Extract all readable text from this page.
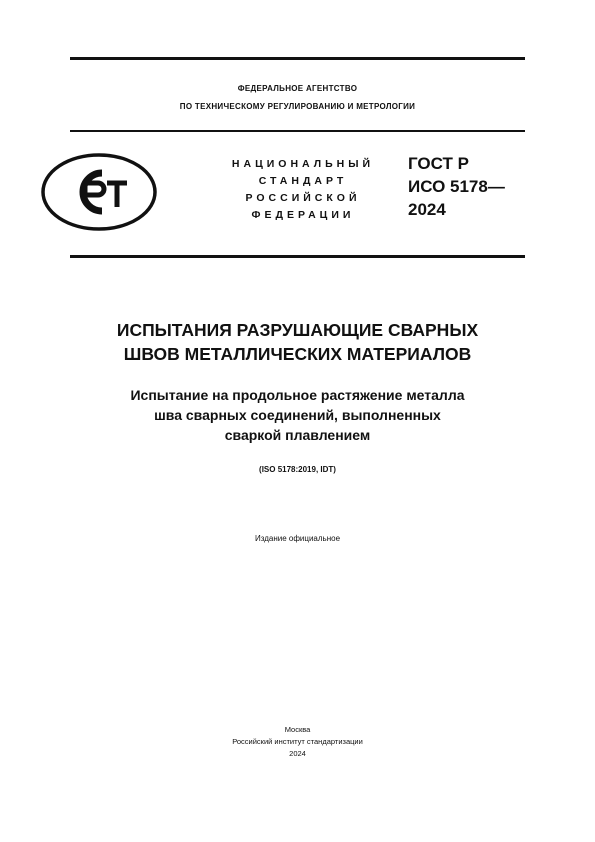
ФЕДЕРАЛЬНОЕ АГЕНТСТВО
ПО ТЕХНИЧЕСКОМУ РЕГУЛИРОВАНИЮ И МЕТРОЛОГИИ
НАЦИОНАЛЬНЫЙ
СТАНДАРТ
РОССИЙСКОЙ
ФЕДЕРАЦИИ
ГОСТ Р
ИСО 5178—
2024
ИСПЫТАНИЯ РАЗРУШАЮЩИЕ СВАРНЫХ
ШВОВ МЕТАЛЛИЧЕСКИХ МАТЕРИАЛОВ
Испытание на продольное растяжение металла
шва сварных соединений, выполненных
сваркой плавлением
(ISO 5178:2019, IDT)
Издание официальное
Москва
Российский институт стандартизации
2024
